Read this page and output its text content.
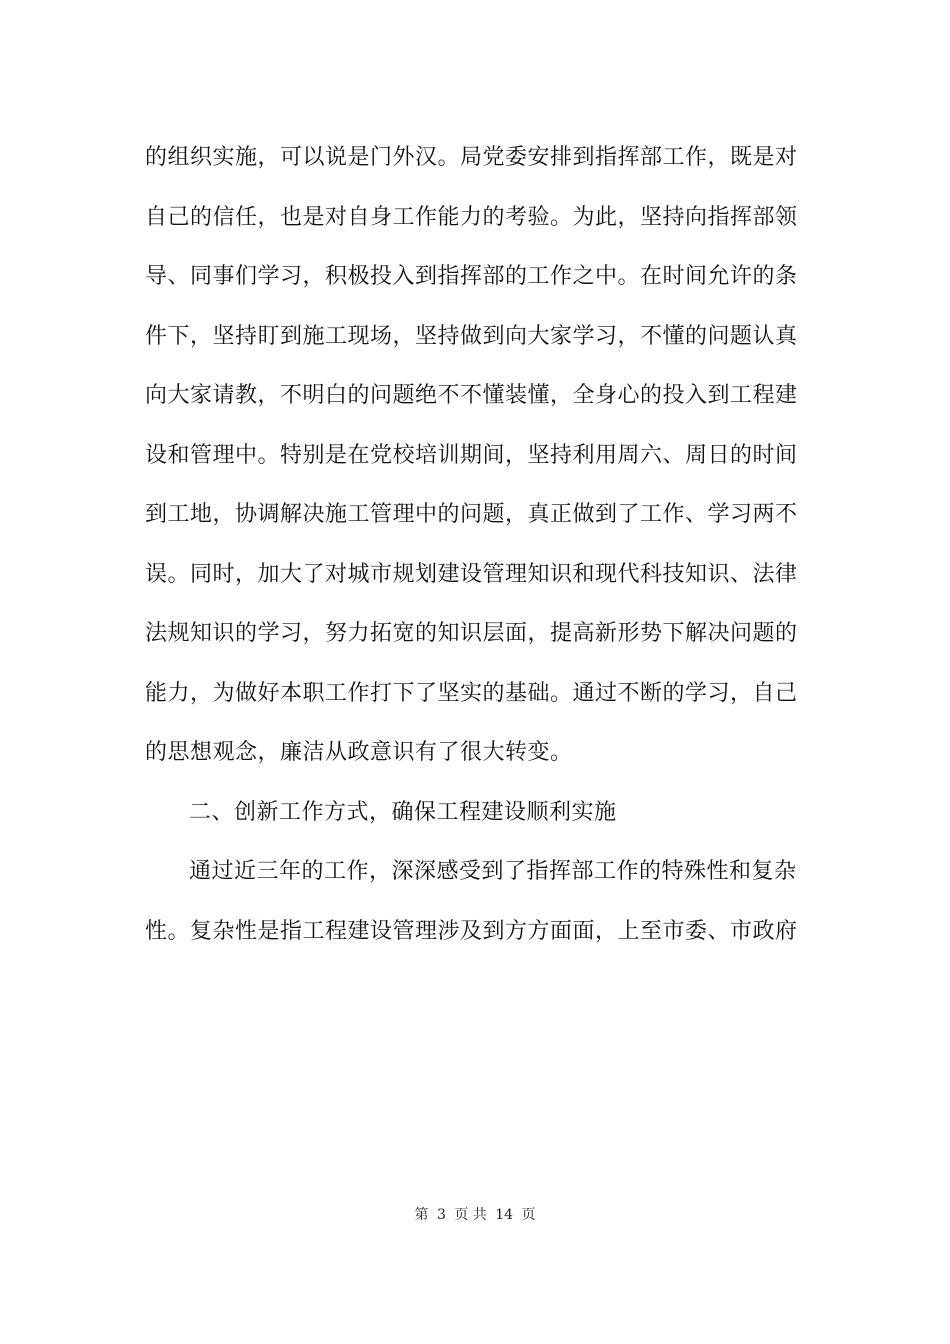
的组织实施，可以说是门外汉。局党委安排到指挥部工作，既是对
自己的信任，也是对自身工作能力的考验。为此，坚持向指挥部领
导、同事们学习，积极投入到指挥部的工作之中。在时间允许的条
件下，坚持盯到施工现场，坚持做到向大家学习，不懂的问题认真
向大家请教，不明白的问题绝不不懂装懂，全身心的投入到工程建
设和管理中。特别是在党校培训期间，坚持利用周六、周日的时间
到工地，协调解决施工管理中的问题，真正做到了工作、学习两不
误。同时，加大了对城市规划建设管理知识和现代科技知识、法律
法规知识的学习，努力拓宽的知识层面，提高新形势下解决问题的
能力，为做好本职工作打下了坚实的基础。通过不断的学习，自己
的思想观念，廉洁从政意识有了很大转变。
二、创新工作方式，确保工程建设顺利实施
通过近三年的工作，深深感受到了指挥部工作的特殊性和复杂
性。复杂性是指工程建设管理涉及到方方面面，上至市委、市政府
第 3 页 共 14 页
